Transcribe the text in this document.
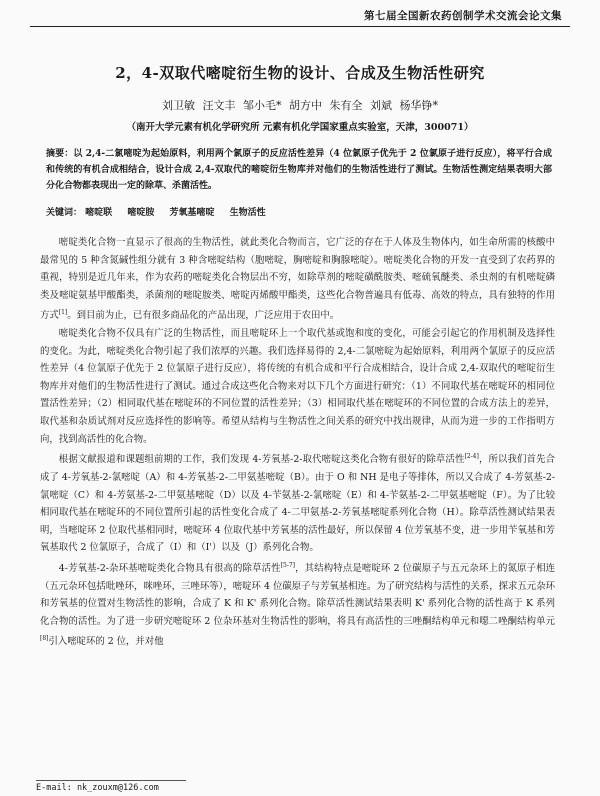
第七届全国新农药创制学术交流会论文集
2，4-双取代嘧啶衍生物的设计、合成及生物活性研究
刘卫敏 汪文丰 邹小毛* 胡方中 朱有全 刘斌 杨华铮*
（南开大学元素有机化学研究所 元素有机化学国家重点实验室，天津，300071）
摘要：以 2,4-二氯嘧啶为起始原料，利用两个氯原子的反应活性差异（4 位氯原子优先于 2 位氯原子进行反应），将平行合成和传统的有机合成相结合，设计合成 2,4-双取代的嘧啶衍生物库并对他们的生物活性进行了测试。生物活性测定结果表明大部分化合物都表现出一定的除草、杀菌活性。
关键词： 嘧啶联 嘧啶胺 芳氧基嘧啶 生物活性

嘧啶类化合物一直显示了很高的生物活性，就此类化合物而言，它广泛的存在于人体及生物体内，如生命所需的核酸中最常见的 5 种含氮碱性组分就有 3 种含嘧啶结构（胞嘧啶，胸嘧啶和胸腺嘧啶）。嘧啶类化合物的开发一直受到了农药界的重视，特别是近几年来，作为农药的嘧啶类化合物层出不穷，如除草剂的嘧啶磺酰胺类、嘧硫氧醚类、杀虫剂的有机嘧啶磷类及嘧啶氨基甲酸酯类，杀菌剂的嘧啶胺类、嘧啶丙烯酸甲酯类，这些化合物普遍具有低毒、高效的特点，具有独特的作用方式[1]。到目前为止，已有很多商品化的产品出现，广泛应用于农田中。

嘧啶类化合物不仅具有广泛的生物活性，而且嘧啶环上一个取代基或饱和度的变化，可能会引起它的作用机制及选择性的变化。为此，嘧啶类化合物引起了我们浓厚的兴趣。我们选择易得的 2,4-二氯嘧啶为起始原料，利用两个氯原子的反应活性差异（4 位氯原子优先于 2 位氯原子进行反应），将传统的有机合成和平行合成相结合，设计合成 2,4-双取代的嘧啶衍生物库并对他们的生物活性进行了测试。通过合成这些化合物来对以下几个方面进行研究：（1）不同取代基在嘧啶环的相同位置活性差异；（2）相同取代基在嘧啶环的不同位置的活性差异；（3）相同取代基在嘧啶环的不同位置的合成方法上的差异，取代基和杂质试剂对反应选择性的影响等。希望从结构与生物活性之间关系的研究中找出规律，从而为进一步的工作指明方向，找到高活性的化合物。

根据文献报道和课题组前期的工作，我们发现 4-芳氧基-2-取代嘧啶这类化合物有很好的除草活性[2-4]，所以我们首先合成了 4-芳氧基-2-氯嘧啶（A）和 4-芳氧基-2-二甲氨基嘧啶（B）。由于 O 和 NH 是电子等排体，所以又合成了 4-芳氨基-2-氯嘧啶（C）和 4-芳氨基-2-二甲氨基嘧啶（D）以及 4-苄氨基-2-氯嘧啶（E）和 4-苄氨基-2-二甲氨基嘧啶（F）。为了比较相同取代基在嘧啶环的不同位置所引起的活性变化合成了 4-二甲氨基-2-芳氧基嘧啶系列化合物（H）。除草活性测试结果表明，当嘧啶环 2 位取代基相同时，嘧啶环 4 位取代基中芳氧基的活性最好，所以保留 4 位芳氧基不变，进一步用苄氧基和芳氧基取代 2 位氯原子，合成了（I）和（I'）以及（J）系列化合物。

4-芳氧基-2-杂环基嘧啶类化合物具有很高的除草活性[5-7]，其结构特点是嘧啶环 2 位碳原子与五元杂环上的氮原子相连（五元杂环包括吡唑环，咪唑环，三唑环等），嘧啶环 4 位碳原子与芳氧基相连。为了研究结构与活性的关系，探求五元杂环和芳氧基的位置对生物活性的影响，合成了 K 和 K' 系列化合物。除草活性测试结果表明 K' 系列化合物的活性高于 K 系列化合物的活性。为了进一步研究嘧啶环 2 位杂环基对生物活性的影响，将具有高活性的三唑酮结构单元和噁二唑酮结构单元[8]引入嘧啶环的 2 位，并对他

E-mail: nk_zouxm@126.com
